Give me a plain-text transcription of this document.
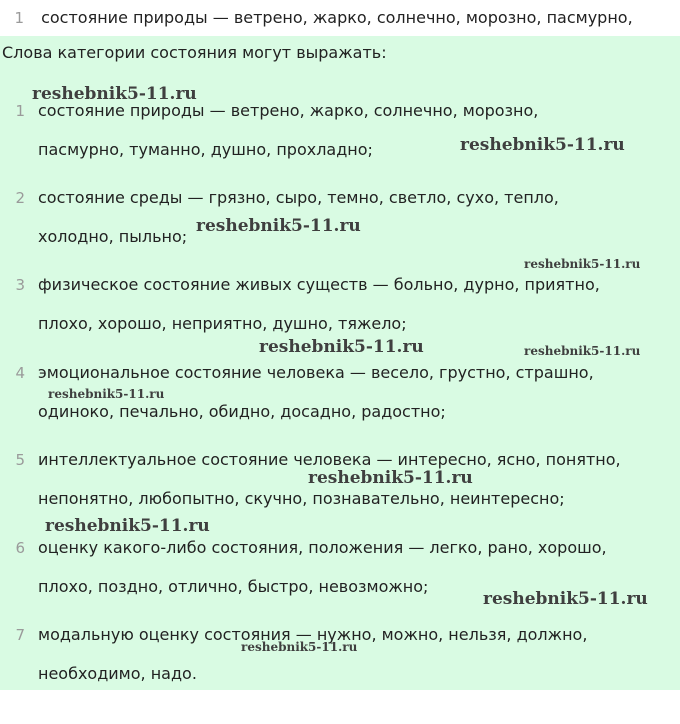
1 состояние природы — ветрено, жарко, солнечно, морозно, пасмурно,
Слова категории состояния могут выражать:
1 состояние природы — ветрено, жарко, солнечно, морозно,
пасмурно, туманно, душно, прохладно;
2 состояние среды — грязно, сыро, темно, светло, сухо, тепло,
холодно, пыльно;
3 физическое состояние живых существ — больно, дурно, приятно,
плохо, хорошо, неприятно, душно, тяжело;
4 эмоциональное состояние человека — весело, грустно, страшно,
одиноко, печально, обидно, досадно, радостно;
5 интеллектуальное состояние человека — интересно, ясно, понятно,
непонятно, любопытно, скучно, познавательно, неинтересно;
6 оценку какого-либо состояния, положения — легко, рано, хорошо,
плохо, поздно, отлично, быстро, невозможно;
7 модальную оценку состояния — нужно, можно, нельзя, должно,
необходимо, надо.
reshebnik5-11.ru
reshebnik5-11.ru
reshebnik5-11.ru
reshebnik5-11.ru
reshebnik5-11.ru	reshebnik5-11.ru
reshebnik5-11.ru
reshebnik5-11.ru
reshebnik5-11.ru
reshebnik5-11.ru
reshebnik5-11.ru
